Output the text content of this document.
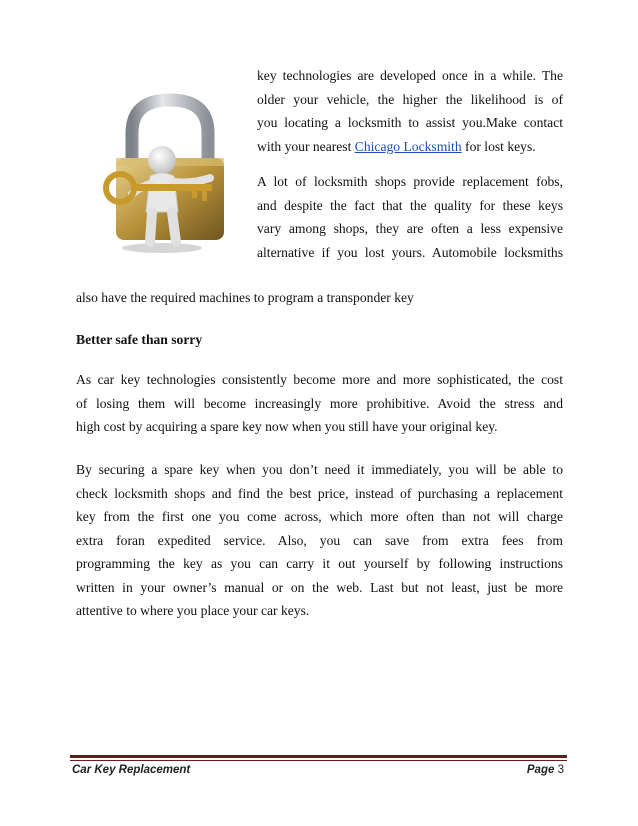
key technologies are developed once in a while. The
older your vehicle, the higher the likelihood is of
you locating a locksmith to assist you.Make contact
with your nearest Chicago Locksmith for lost keys.
A lot of locksmith shops provide replacement fobs,
and despite the fact that the quality for these keys
vary among shops, they are often a less expensive
alternative if you lost yours. Automobile locksmiths
also have the required machines to program a transponder key
Better safe than sorry
As car key technologies consistently become more and more sophisticated, the cost
of losing them will become increasingly more prohibitive. Avoid the stress and
high cost by acquiring a spare key now when you still have your original key.
By securing a spare key when you don’t need it immediately, you will be able to
check locksmith shops and find the best price, instead of purchasing a replacement
key from the first one you come across, which more often than not will charge
extra foran expedited service. Also, you can save from extra fees from
programming the key as you can carry it out yourself by following instructions
written in your owner’s manual or on the web. Last but not least, just be more
attentive to where you place your car keys.
Car Key Replacement	Page 3
